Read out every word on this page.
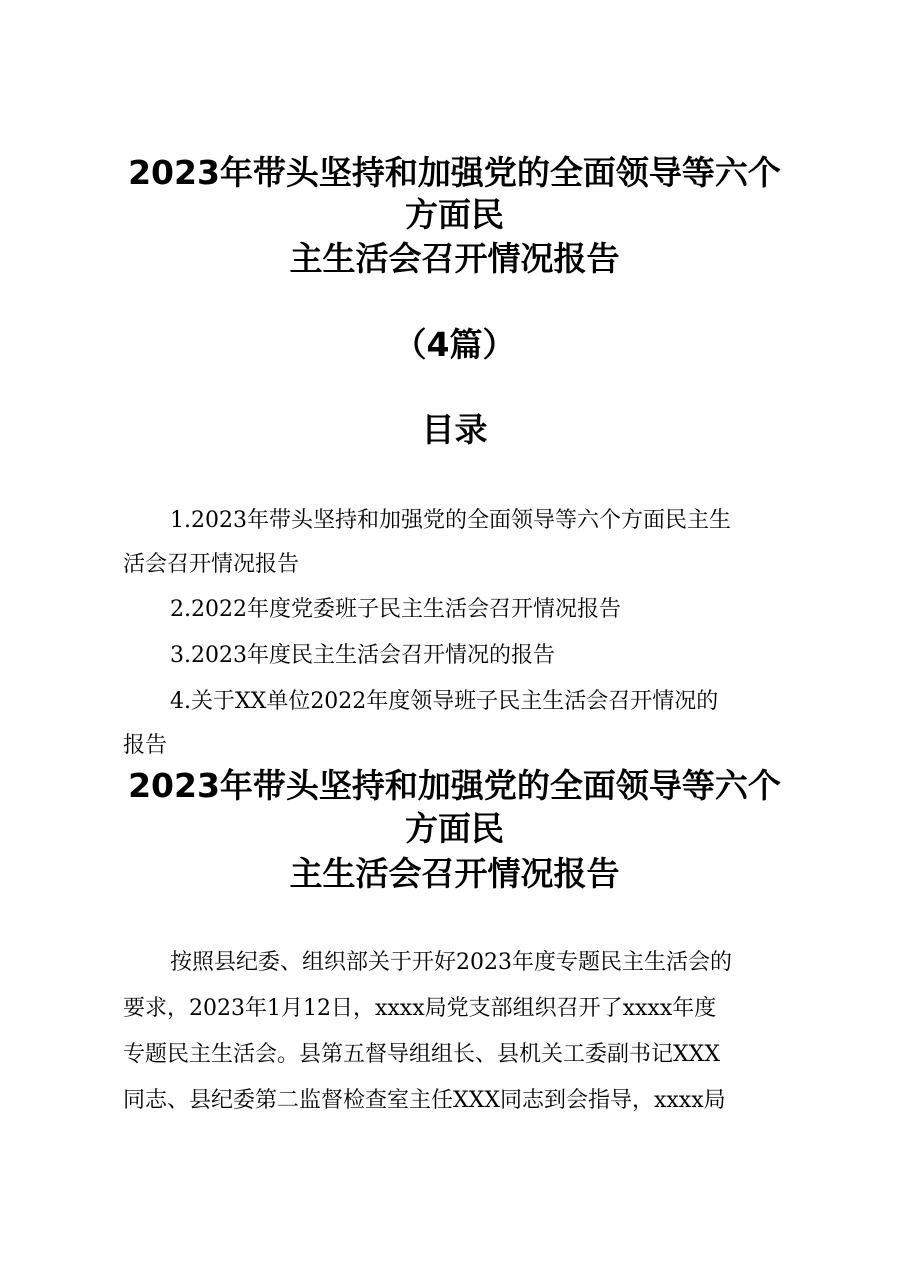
2023年带头坚持和加强党的全面领导等六个
方面民
主生活会召开情况报告
（4篇）
目录
1.2023年带头坚持和加强党的全面领导等六个方面民主生
活会召开情况报告
2.2022年度党委班子民主生活会召开情况报告
3.2023年度民主生活会召开情况的报告
4.关于XX单位2022年度领导班子民主生活会召开情况的
报告
2023年带头坚持和加强党的全面领导等六个
方面民
主生活会召开情况报告
按照县纪委、组织部关于开好2023年度专题民主生活会的
要求，2023年1月12日，xxxx局党支部组织召开了xxxx年度
专题民主生活会。县第五督导组组长、县机关工委副书记XXX
同志、县纪委第二监督检查室主任XXX同志到会指导，xxxx局
